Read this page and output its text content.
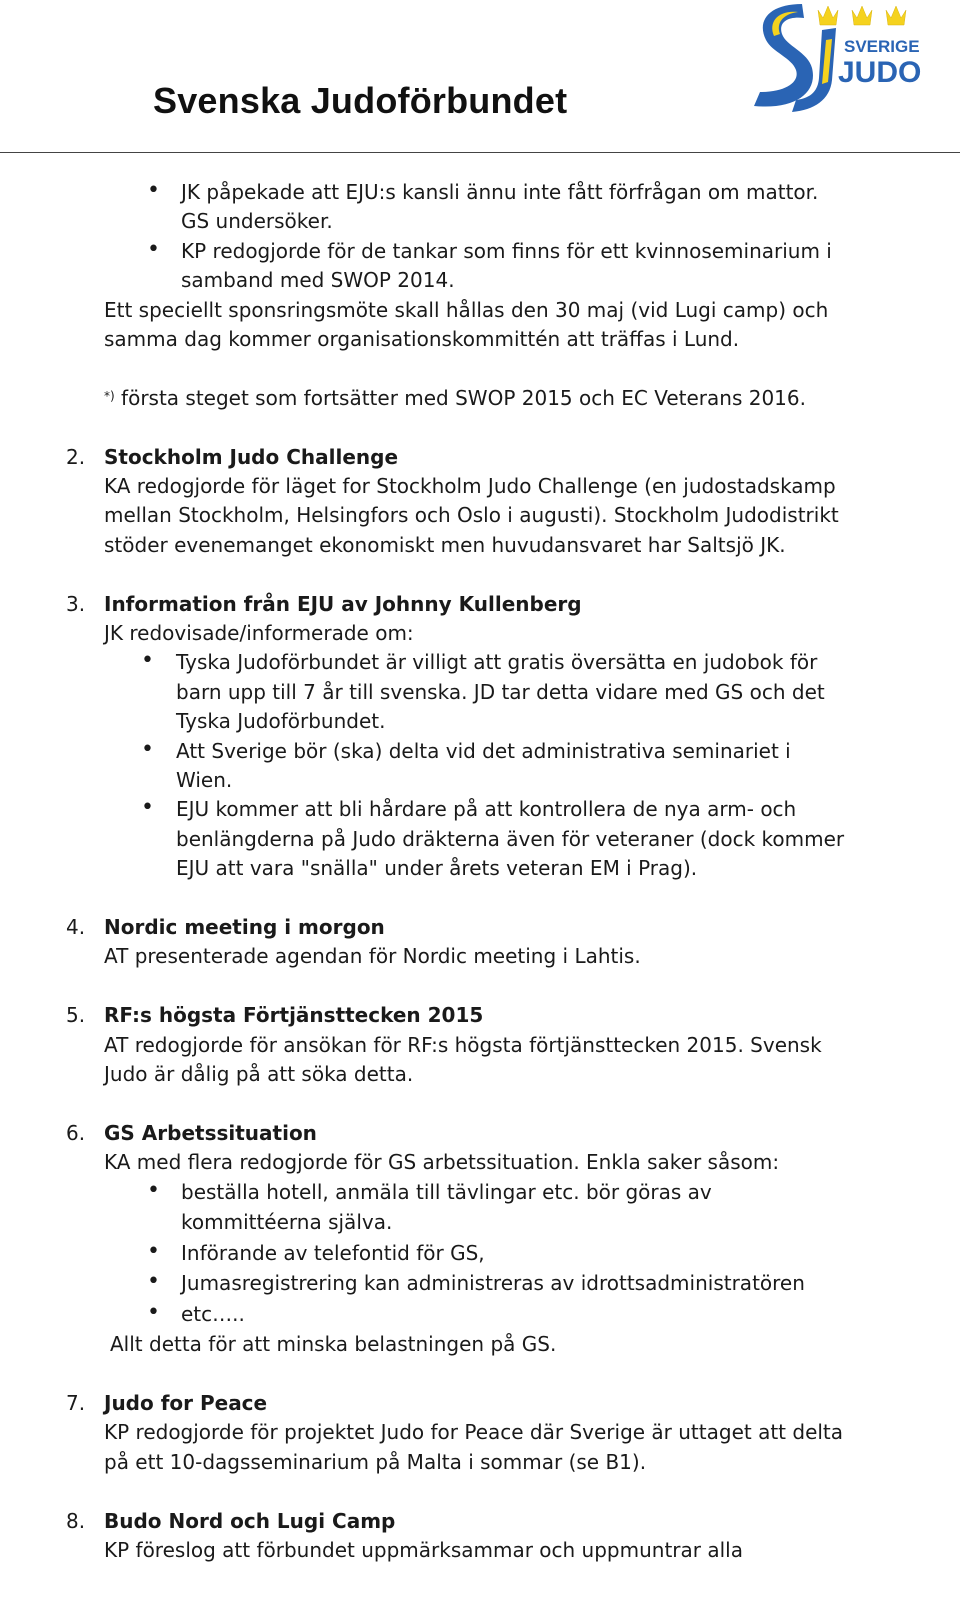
Svenska Judoförbundet
SVERIGE
JUDO
• JK påpekade att EJU:s kansli ännu inte fått förfrågan om mattor.
GS undersöker.
• KP redogjorde för de tankar som finns för ett kvinnoseminarium i
samband med SWOP 2014.
Ett speciellt sponsringsmöte skall hållas den 30 maj (vid Lugi camp) och
samma dag kommer organisationskommittén att träffas i Lund.
*) första steget som fortsätter med SWOP 2015 och EC Veterans 2016.
2. Stockholm Judo Challenge
KA redogjorde för läget for Stockholm Judo Challenge (en judostadskamp
mellan Stockholm, Helsingfors och Oslo i augusti). Stockholm Judodistrikt
stöder evenemanget ekonomiskt men huvudansvaret har Saltsjö JK.
3. Information från EJU av Johnny Kullenberg
JK redovisade/informerade om:
• Tyska Judoförbundet är villigt att gratis översätta en judobok för
barn upp till 7 år till svenska. JD tar detta vidare med GS och det
Tyska Judoförbundet.
• Att Sverige bör (ska) delta vid det administrativa seminariet i
Wien.
• EJU kommer att bli hårdare på att kontrollera de nya arm- och
benlängderna på Judo dräkterna även för veteraner (dock kommer
EJU att vara "snälla" under årets veteran EM i Prag).
4. Nordic meeting i morgon
AT presenterade agendan för Nordic meeting i Lahtis.
5. RF:s högsta Förtjänsttecken 2015
AT redogjorde för ansökan för RF:s högsta förtjänsttecken 2015. Svensk
Judo är dålig på att söka detta.
6. GS Arbetssituation
KA med flera redogjorde för GS arbetssituation. Enkla saker såsom:
• beställa hotell, anmäla till tävlingar etc. bör göras av
kommittéerna själva.
• Införande av telefontid för GS,
• Jumasregistrering kan administreras av idrottsadministratören
• etc…..
Allt detta för att minska belastningen på GS.
7. Judo for Peace
KP redogjorde för projektet Judo for Peace där Sverige är uttaget att delta
på ett 10-dagsseminarium på Malta i sommar (se B1).
8. Budo Nord och Lugi Camp
KP föreslog att förbundet uppmärksammar och uppmuntrar alla
